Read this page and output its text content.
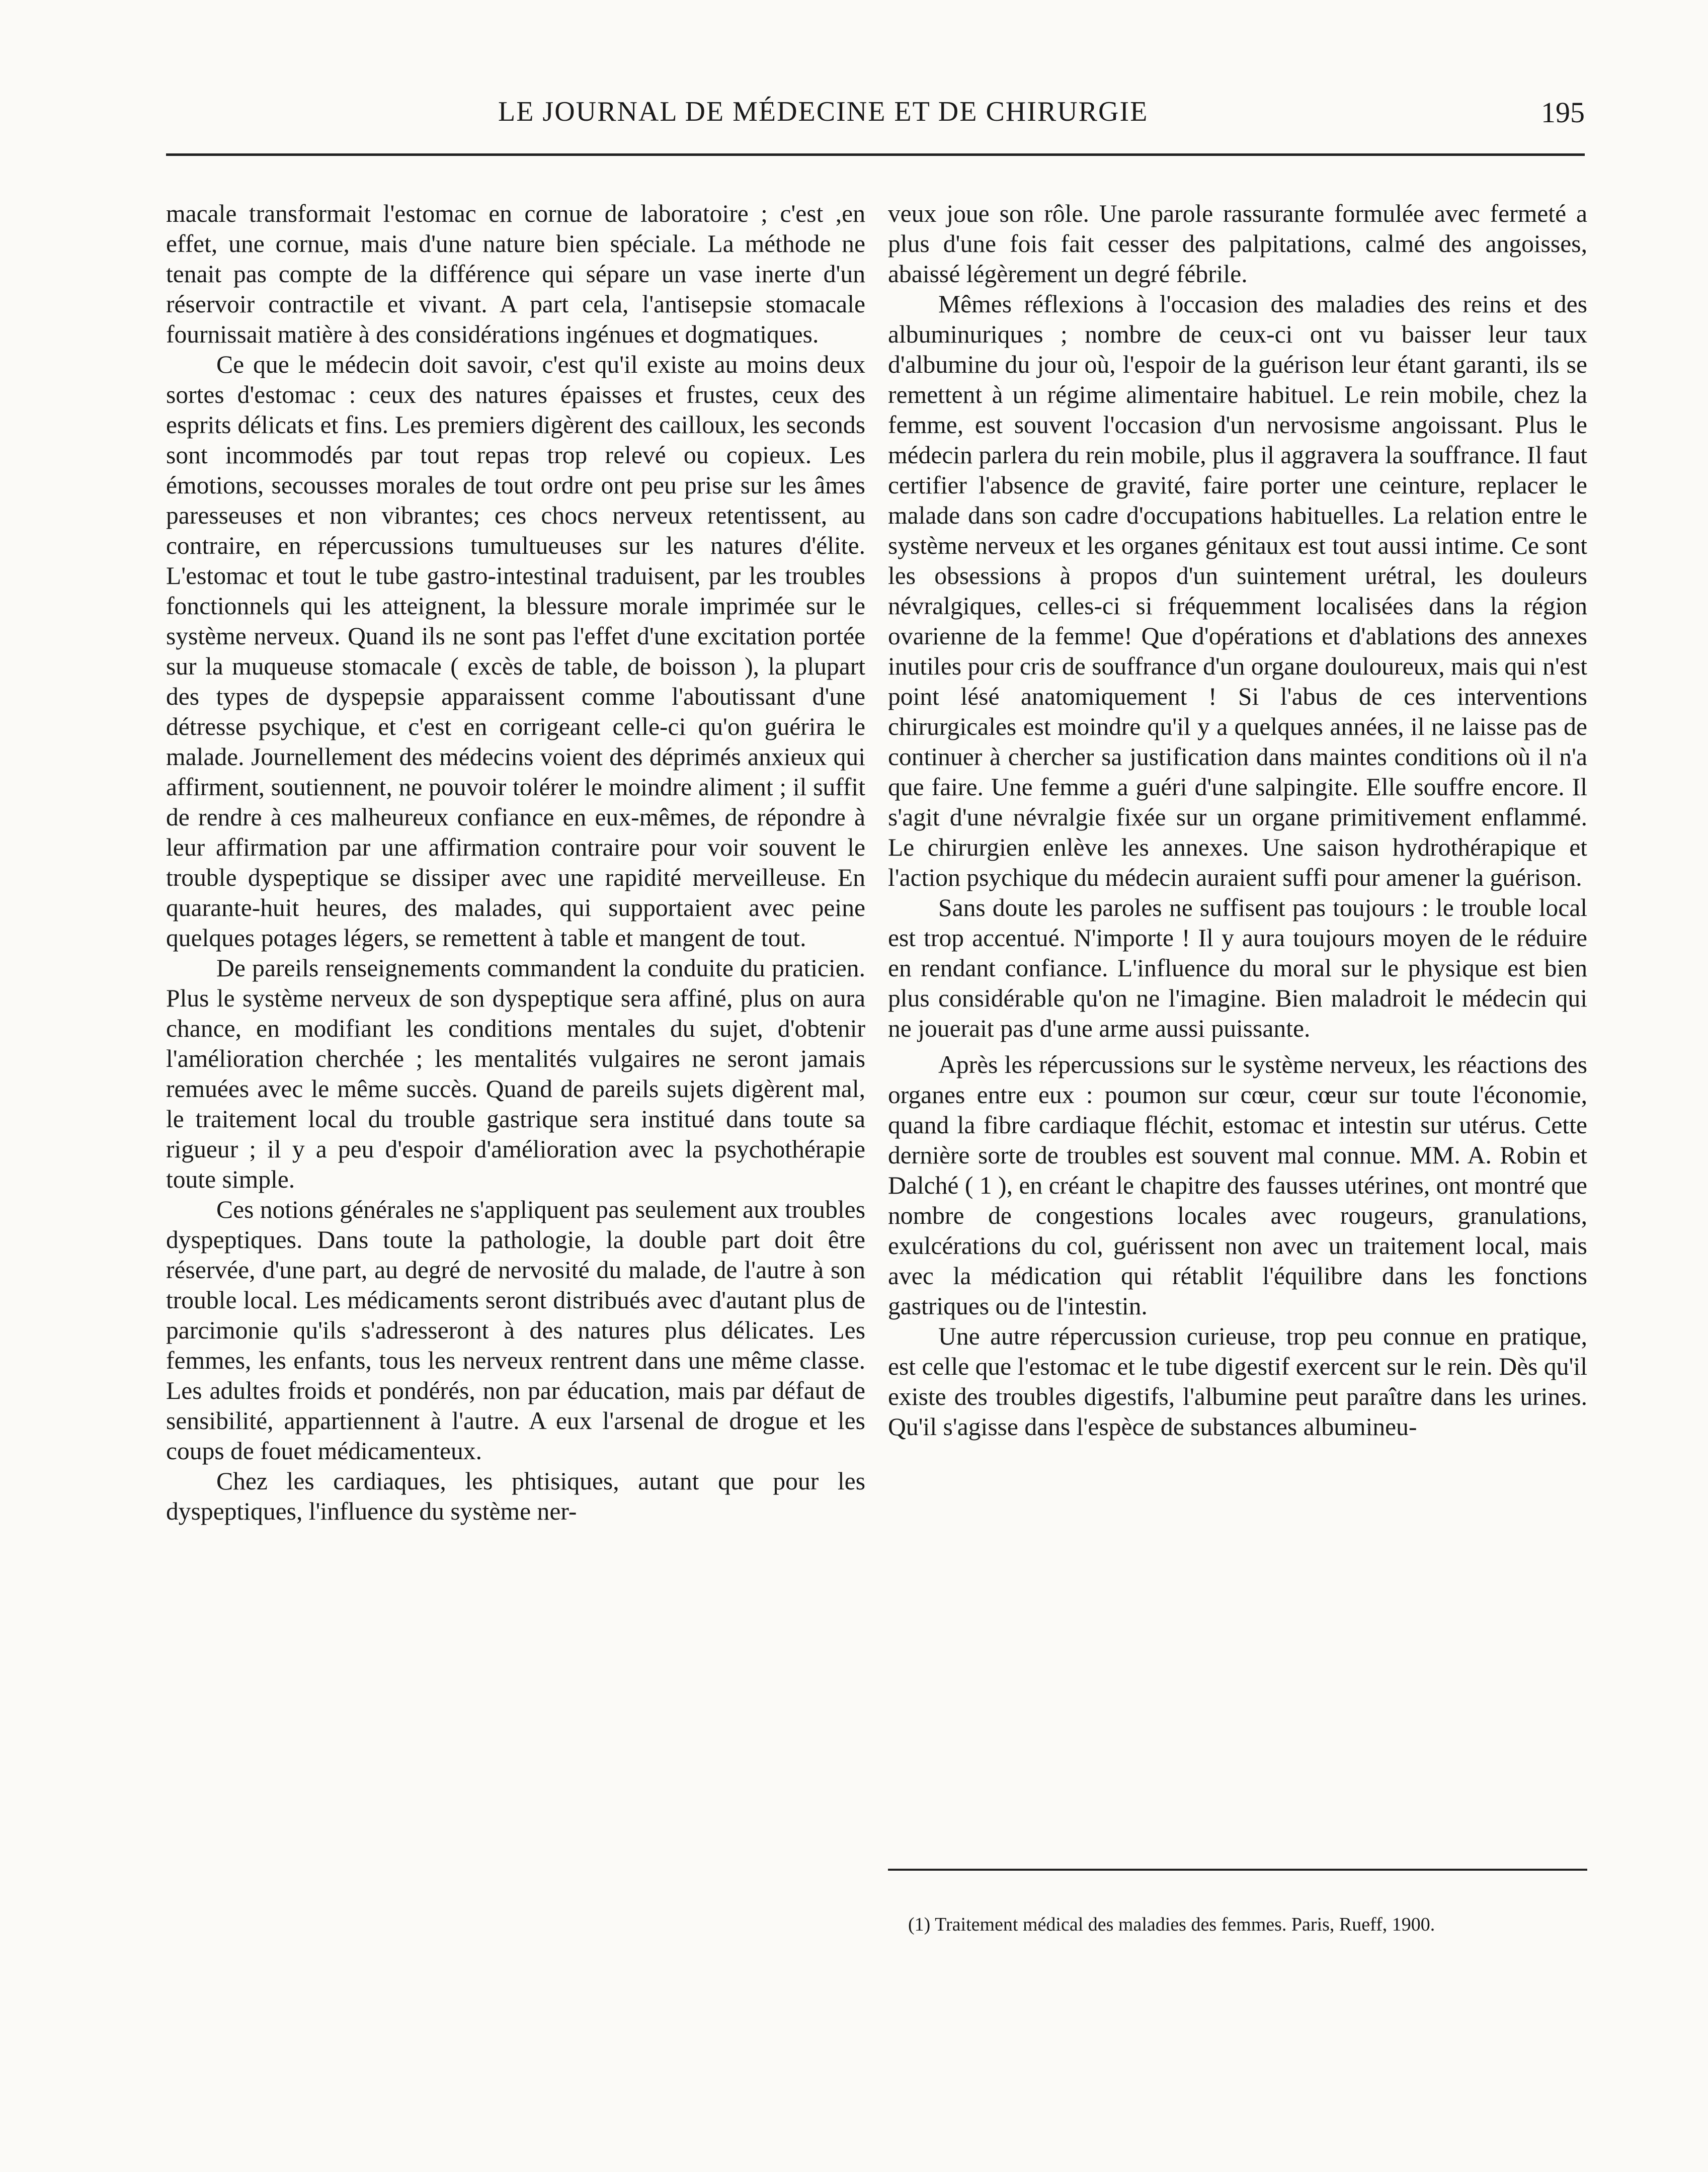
LE JOURNAL DE MÉDECINE ET DE CHIRURGIE	195

macale transformait l'estomac en cornue de laboratoire ; c'est ,en effet, une cornue, mais d'une nature bien spéciale. La méthode ne tenait pas compte de la différence qui sépare un vase inerte d'un réservoir contractile et vivant. A part cela, l'antisepsie stomacale fournissait matière à des considérations ingénues et dogmatiques.

Ce que le médecin doit savoir, c'est qu'il existe au moins deux sortes d'estomac : ceux des natures épaisses et frustes, ceux des esprits délicats et fins. Les premiers digèrent des cailloux, les seconds sont incommodés par tout repas trop relevé ou copieux. Les émotions, secousses morales de tout ordre ont peu prise sur les âmes paresseuses et non vibrantes; ces chocs nerveux retentissent, au contraire, en répercussions tumultueuses sur les natures d'élite. L'estomac et tout le tube gastro-intestinal traduisent, par les troubles fonctionnels qui les atteignent, la blessure morale imprimée sur le système nerveux. Quand ils ne sont pas l'effet d'une excitation portée sur la muqueuse stomacale ( excès de table, de boisson ), la plupart des types de dyspepsie apparaissent comme l'aboutissant d'une détresse psychique, et c'est en corrigeant celle-ci qu'on guérira le malade. Journellement des médecins voient des déprimés anxieux qui affirment, soutiennent, ne pouvoir tolérer le moindre aliment ; il suffit de rendre à ces malheureux confiance en eux-mêmes, de répondre à leur affirmation par une affirmation contraire pour voir souvent le trouble dyspeptique se dissiper avec une rapidité merveilleuse. En quarante-huit heures, des malades, qui supportaient avec peine quelques potages légers, se remettent à table et mangent de tout.

De pareils renseignements commandent la conduite du praticien. Plus le système nerveux de son dyspeptique sera affiné, plus on aura chance, en modifiant les conditions mentales du sujet, d'obtenir l'amélioration cherchée ; les mentalités vulgaires ne seront jamais remuées avec le même succès. Quand de pareils sujets digèrent mal, le traitement local du trouble gastrique sera institué dans toute sa rigueur ; il y a peu d'espoir d'amélioration avec la psychothérapie toute simple.

Ces notions générales ne s'appliquent pas seulement aux troubles dyspeptiques. Dans toute la pathologie, la double part doit être réservée, d'une part, au degré de nervosité du malade, de l'autre à son trouble local. Les médicaments seront distribués avec d'autant plus de parcimonie qu'ils s'adresseront à des natures plus délicates. Les femmes, les enfants, tous les nerveux rentrent dans une même classe. Les adultes froids et pondérés, non par éducation, mais par défaut de sensibilité, appartiennent à l'autre. A eux l'arsenal de drogue et les coups de fouet médicamenteux.

Chez les cardiaques, les phtisiques, autant que pour les dyspeptiques, l'influence du système ner-

veux joue son rôle. Une parole rassurante formulée avec fermeté a plus d'une fois fait cesser des palpitations, calmé des angoisses, abaissé légèrement un degré fébrile.

Mêmes réflexions à l'occasion des maladies des reins et des albuminuriques ; nombre de ceux-ci ont vu baisser leur taux d'albumine du jour où, l'espoir de la guérison leur étant garanti, ils se remettent à un régime alimentaire habituel. Le rein mobile, chez la femme, est souvent l'occasion d'un nervosisme angoissant. Plus le médecin parlera du rein mobile, plus il aggravera la souffrance. Il faut certifier l'absence de gravité, faire porter une ceinture, replacer le malade dans son cadre d'occupations habituelles. La relation entre le système nerveux et les organes génitaux est tout aussi intime. Ce sont les obsessions à propos d'un suintement urétral, les douleurs névralgiques, celles-ci si fréquemment localisées dans la région ovarienne de la femme! Que d'opérations et d'ablations des annexes inutiles pour cris de souffrance d'un organe douloureux, mais qui n'est point lésé anatomiquement ! Si l'abus de ces interventions chirurgicales est moindre qu'il y a quelques années, il ne laisse pas de continuer à chercher sa justification dans maintes conditions où il n'a que faire. Une femme a guéri d'une salpingite. Elle souffre encore. Il s'agit d'une névralgie fixée sur un organe primitivement enflammé. Le chirurgien enlève les annexes. Une saison hydrothérapique et l'action psychique du médecin auraient suffi pour amener la guérison.

Sans doute les paroles ne suffisent pas toujours : le trouble local est trop accentué. N'importe ! Il y aura toujours moyen de le réduire en rendant confiance. L'influence du moral sur le physique est bien plus considérable qu'on ne l'imagine. Bien maladroit le médecin qui ne jouerait pas d'une arme aussi puissante.

Après les répercussions sur le système nerveux, les réactions des organes entre eux : poumon sur cœur, cœur sur toute l'économie, quand la fibre cardiaque fléchit, estomac et intestin sur utérus. Cette dernière sorte de troubles est souvent mal connue. MM. A. Robin et Dalché ( 1 ), en créant le chapitre des fausses utérines, ont montré que nombre de congestions locales avec rougeurs, granulations, exulcérations du col, guérissent non avec un traitement local, mais avec la médication qui rétablit l'équilibre dans les fonctions gastriques ou de l'intestin.

Une autre répercussion curieuse, trop peu connue en pratique, est celle que l'estomac et le tube digestif exercent sur le rein. Dès qu'il existe des troubles digestifs, l'albumine peut paraître dans les urines. Qu'il s'agisse dans l'espèce de substances albumineu-

(1) Traitement médical des maladies des femmes. Paris, Rueff, 1900.
